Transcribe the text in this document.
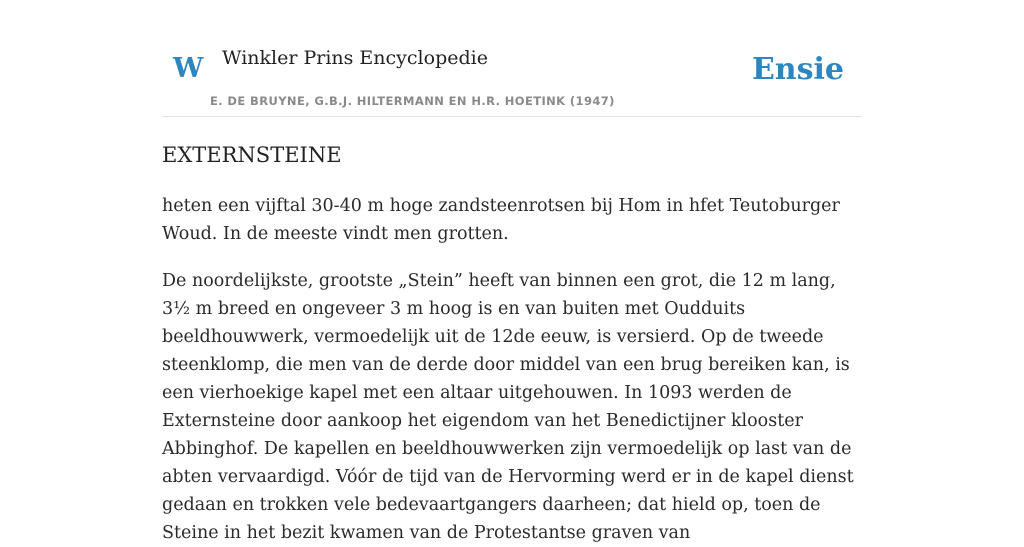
W Winkler Prins Encyclopedie
E. DE BRUYNE, G.B.J. HILTERMANN EN H.R. HOETINK (1947)
Ensie
EXTERNSTEINE

heten een vijftal 30-40 m hoge zandsteenrotsen bij Hom in hfet Teutoburger Woud. In de meeste vindt men grotten.

De noordelijkste, grootste „Stein” heeft van binnen een grot, die 12 m lang, 3½ m breed en ongeveer 3 m hoog is en van buiten met Oudduits beeldhouwwerk, vermoedelijk uit de 12de eeuw, is versierd. Op de tweede steenklomp, die men van de derde door middel van een brug bereiken kan, is een vierhoekige kapel met een altaar uitgehouwen. In 1093 werden de Externsteine door aankoop het eigendom van het Benedictijner klooster Abbinghof. De kapellen en beeldhouwwerken zijn vermoedelijk op last van de abten vervaardigd. Vóór de tijd van de Hervorming werd er in de kapel dienst gedaan en trokken vele bedevaartgangers daarheen; dat hield op, toen de Steine in het bezit kwamen van de Protestantse graven van
